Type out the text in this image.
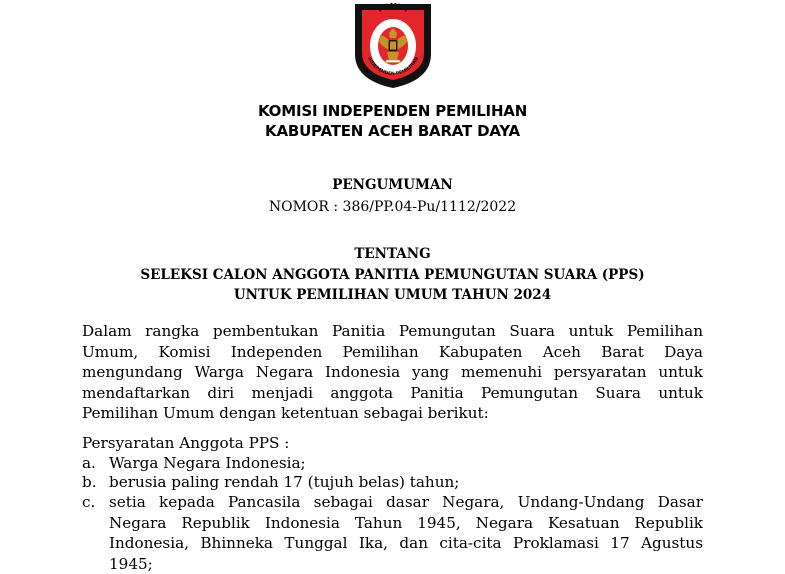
KOMISI
INDEPENDEN PEMILIHAN
KOMISI INDEPENDEN PEMILIHAN
KABUPATEN ACEH BARAT DAYA
PENGUMUMAN
NOMOR : 386/PP.04-Pu/1112/2022
TENTANG
SELEKSI CALON ANGGOTA PANITIA PEMUNGUTAN SUARA (PPS)
UNTUK PEMILIHAN UMUM TAHUN 2024
Dalam rangka pembentukan Panitia Pemungutan Suara untuk Pemilihan
Umum, Komisi Independen Pemilihan Kabupaten Aceh Barat Daya
mengundang Warga Negara Indonesia yang memenuhi persyaratan untuk
mendaftarkan diri menjadi anggota Panitia Pemungutan Suara untuk
Pemilihan Umum dengan ketentuan sebagai berikut:
Persyaratan Anggota PPS :
a. Warga Negara Indonesia;
b. berusia paling rendah 17 (tujuh belas) tahun;
c. setia kepada Pancasila sebagai dasar Negara, Undang-Undang Dasar
Negara Republik Indonesia Tahun 1945, Negara Kesatuan Republik
Indonesia, Bhinneka Tunggal Ika, dan cita-cita Proklamasi 17 Agustus
1945;
